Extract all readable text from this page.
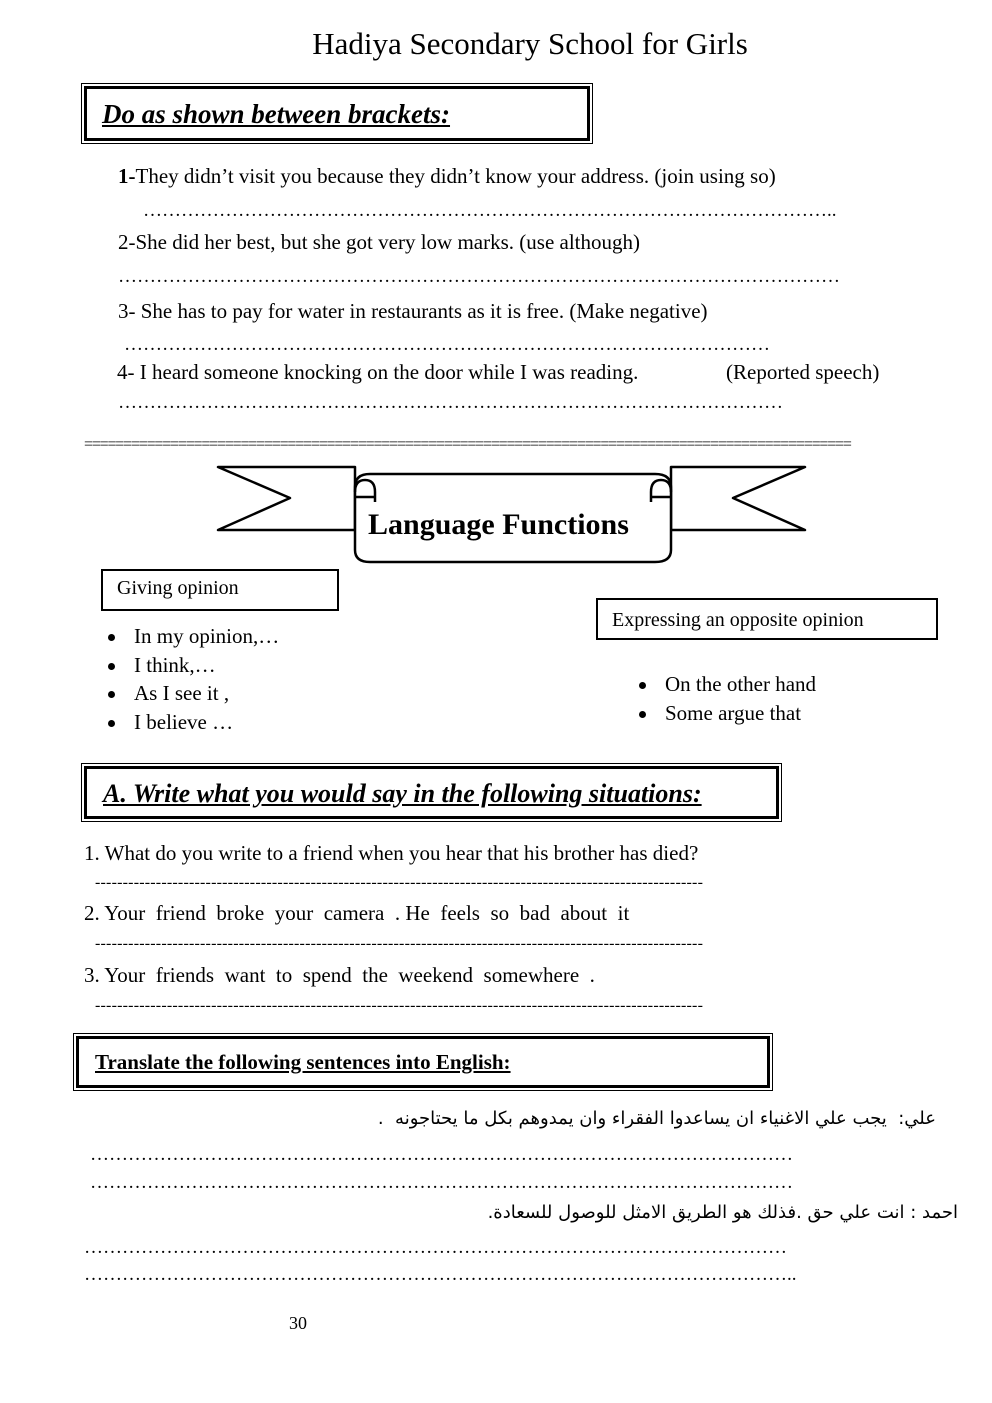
Hadiya Secondary School for Girls
Do as shown between brackets:
1-They didn’t visit you because they didn’t know your address. (join using so)
………………………………………………………………………………………………..
2-She did her best, but she got very low marks. (use although)
……………………………………………………………………………………………………
3- She has to pay for water in restaurants as it is free. (Make negative)
…………………………………………………………………………………………
4- I heard someone knocking on the door while I was reading.	(Reported speech)
……………………………………………………………………………………………
==================================================================================================
Language Functions
Giving opinion
In my opinion,…
I think,…
As I see it ,
I believe …
Expressing an opposite opinion
On the other hand
Some argue that
A. Write what you would say in the following situations:
1. What do you write to a friend when you hear that his brother has died?
--------------------------------------------------------------------------------------------------------------
2. Your  friend  broke  your  camera  . He  feels  so  bad  about  it
--------------------------------------------------------------------------------------------------------------
3. Your  friends  want  to  spend  the  weekend  somewhere  .
--------------------------------------------------------------------------------------------------------------
Translate the following sentences into English:
علي:  يجب علي الاغنياء ان يساعدوا الفقراء وان يمدوهم بكل ما يحتاجونه  .
…………………………………………………………………………………………………
…………………………………………………………………………………………………
احمد : انت علي حق .فذلك هو الطريق الامثل للوصول للسعادة.
…………………………………………………………………………………………………
…………………………………………………………………………………………………..
30
